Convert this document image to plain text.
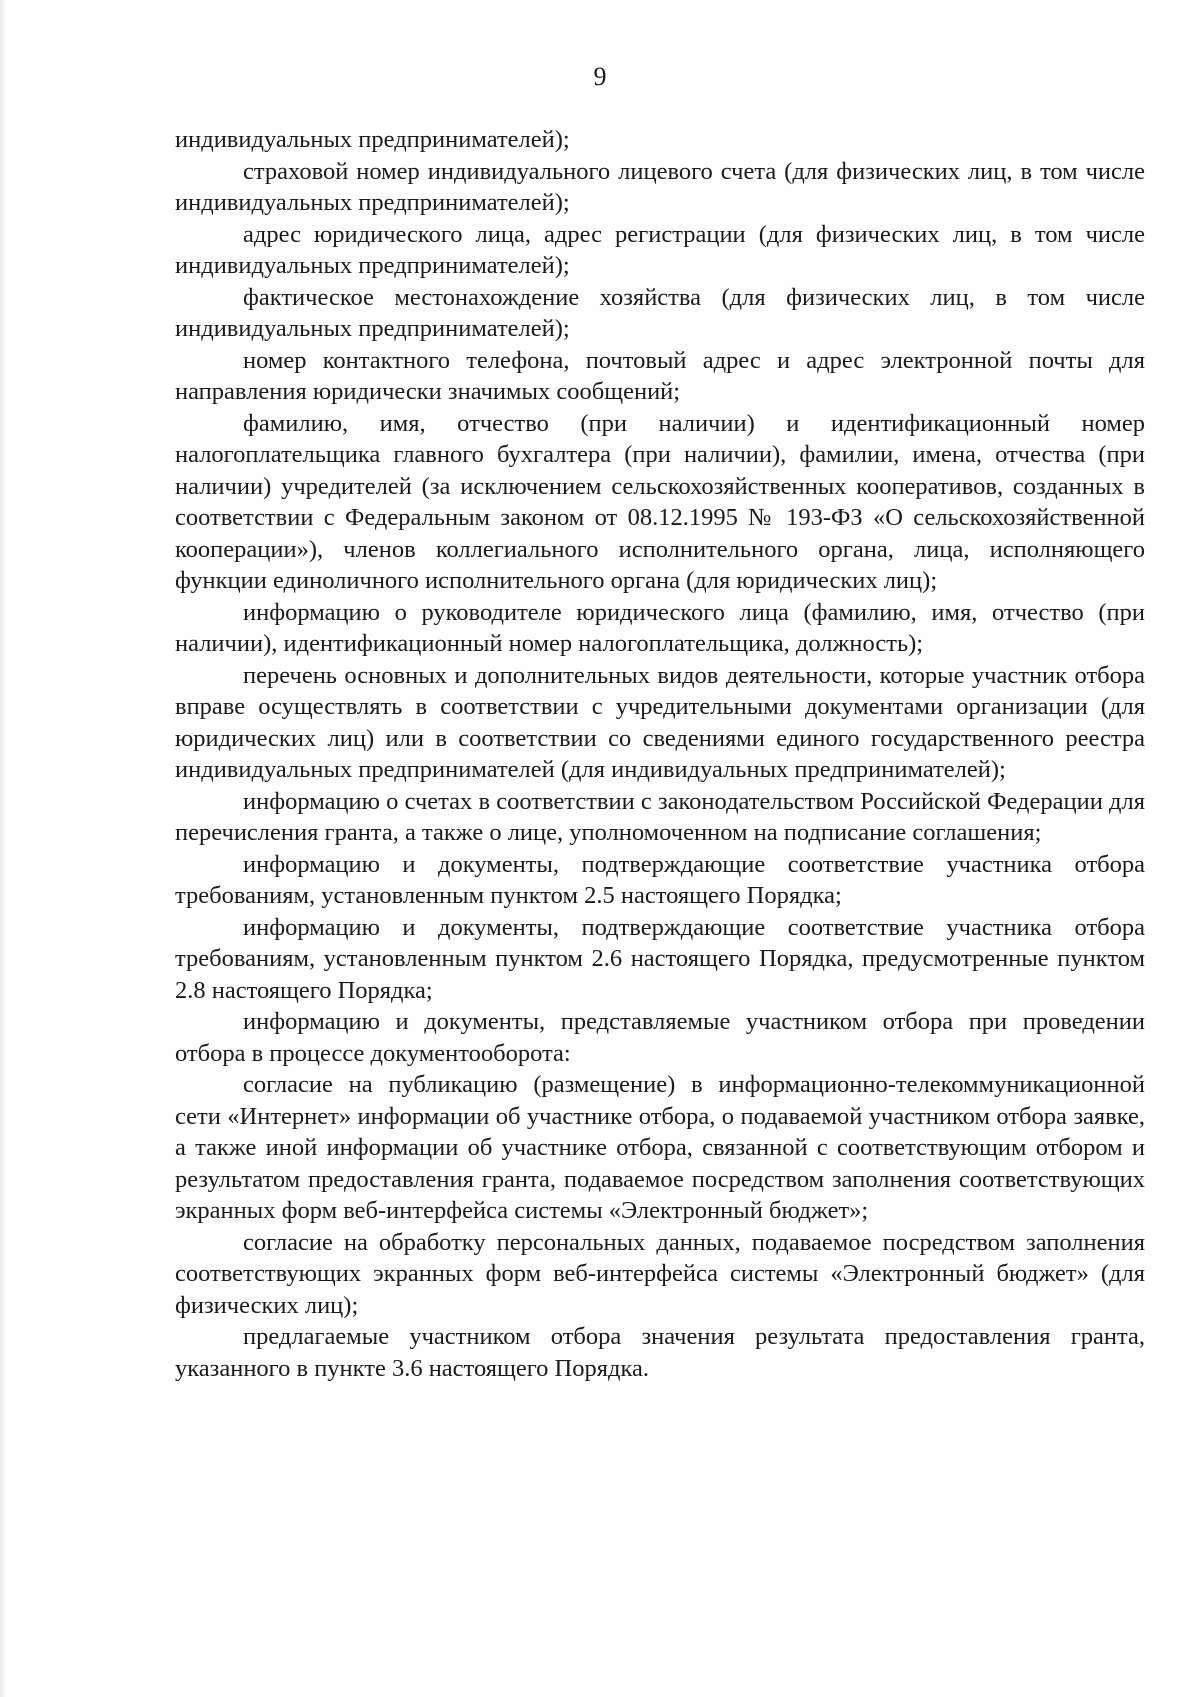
9

индивидуальных предпринимателей);

страховой номер индивидуального лицевого счета (для физических лиц, в том числе индивидуальных предпринимателей);

адрес юридического лица, адрес регистрации (для физических лиц, в том числе индивидуальных предпринимателей);

фактическое местонахождение хозяйства (для физических лиц, в том числе индивидуальных предпринимателей);

номер контактного телефона, почтовый адрес и адрес электронной почты для направления юридически значимых сообщений;

фамилию, имя, отчество (при наличии) и идентификационный номер налогоплательщика главного бухгалтера (при наличии), фамилии, имена, отчества (при наличии) учредителей (за исключением сельскохозяйственных кооперативов, созданных в соответствии с Федеральным законом от 08.12.1995 № 193-ФЗ «О сельскохозяйственной кооперации»), членов коллегиального исполнительного органа, лица, исполняющего функции единоличного исполнительного органа (для юридических лиц);

информацию о руководителе юридического лица (фамилию, имя, отчество (при наличии), идентификационный номер налогоплательщика, должность);

перечень основных и дополнительных видов деятельности, которые участник отбора вправе осуществлять в соответствии с учредительными документами организации (для юридических лиц) или в соответствии со сведениями единого государственного реестра индивидуальных предпринимателей (для индивидуальных предпринимателей);

информацию о счетах в соответствии с законодательством Российской Федерации для перечисления гранта, а также о лице, уполномоченном на подписание соглашения;

информацию и документы, подтверждающие соответствие участника отбора требованиям, установленным пунктом 2.5 настоящего Порядка;

информацию и документы, подтверждающие соответствие участника отбора требованиям, установленным пунктом 2.6 настоящего Порядка, предусмотренные пунктом 2.8 настоящего Порядка;

информацию и документы, представляемые участником отбора при проведении отбора в процессе документооборота:

согласие на публикацию (размещение) в информационно-телекоммуникационной сети «Интернет» информации об участнике отбора, о подаваемой участником отбора заявке, а также иной информации об участнике отбора, связанной с соответствующим отбором и результатом предоставления гранта, подаваемое посредством заполнения соответствующих экранных форм веб-интерфейса системы «Электронный бюджет»;

согласие на обработку персональных данных, подаваемое посредством заполнения соответствующих экранных форм веб-интерфейса системы «Электронный бюджет» (для физических лиц);

предлагаемые участником отбора значения результата предоставления гранта, указанного в пункте 3.6 настоящего Порядка.
